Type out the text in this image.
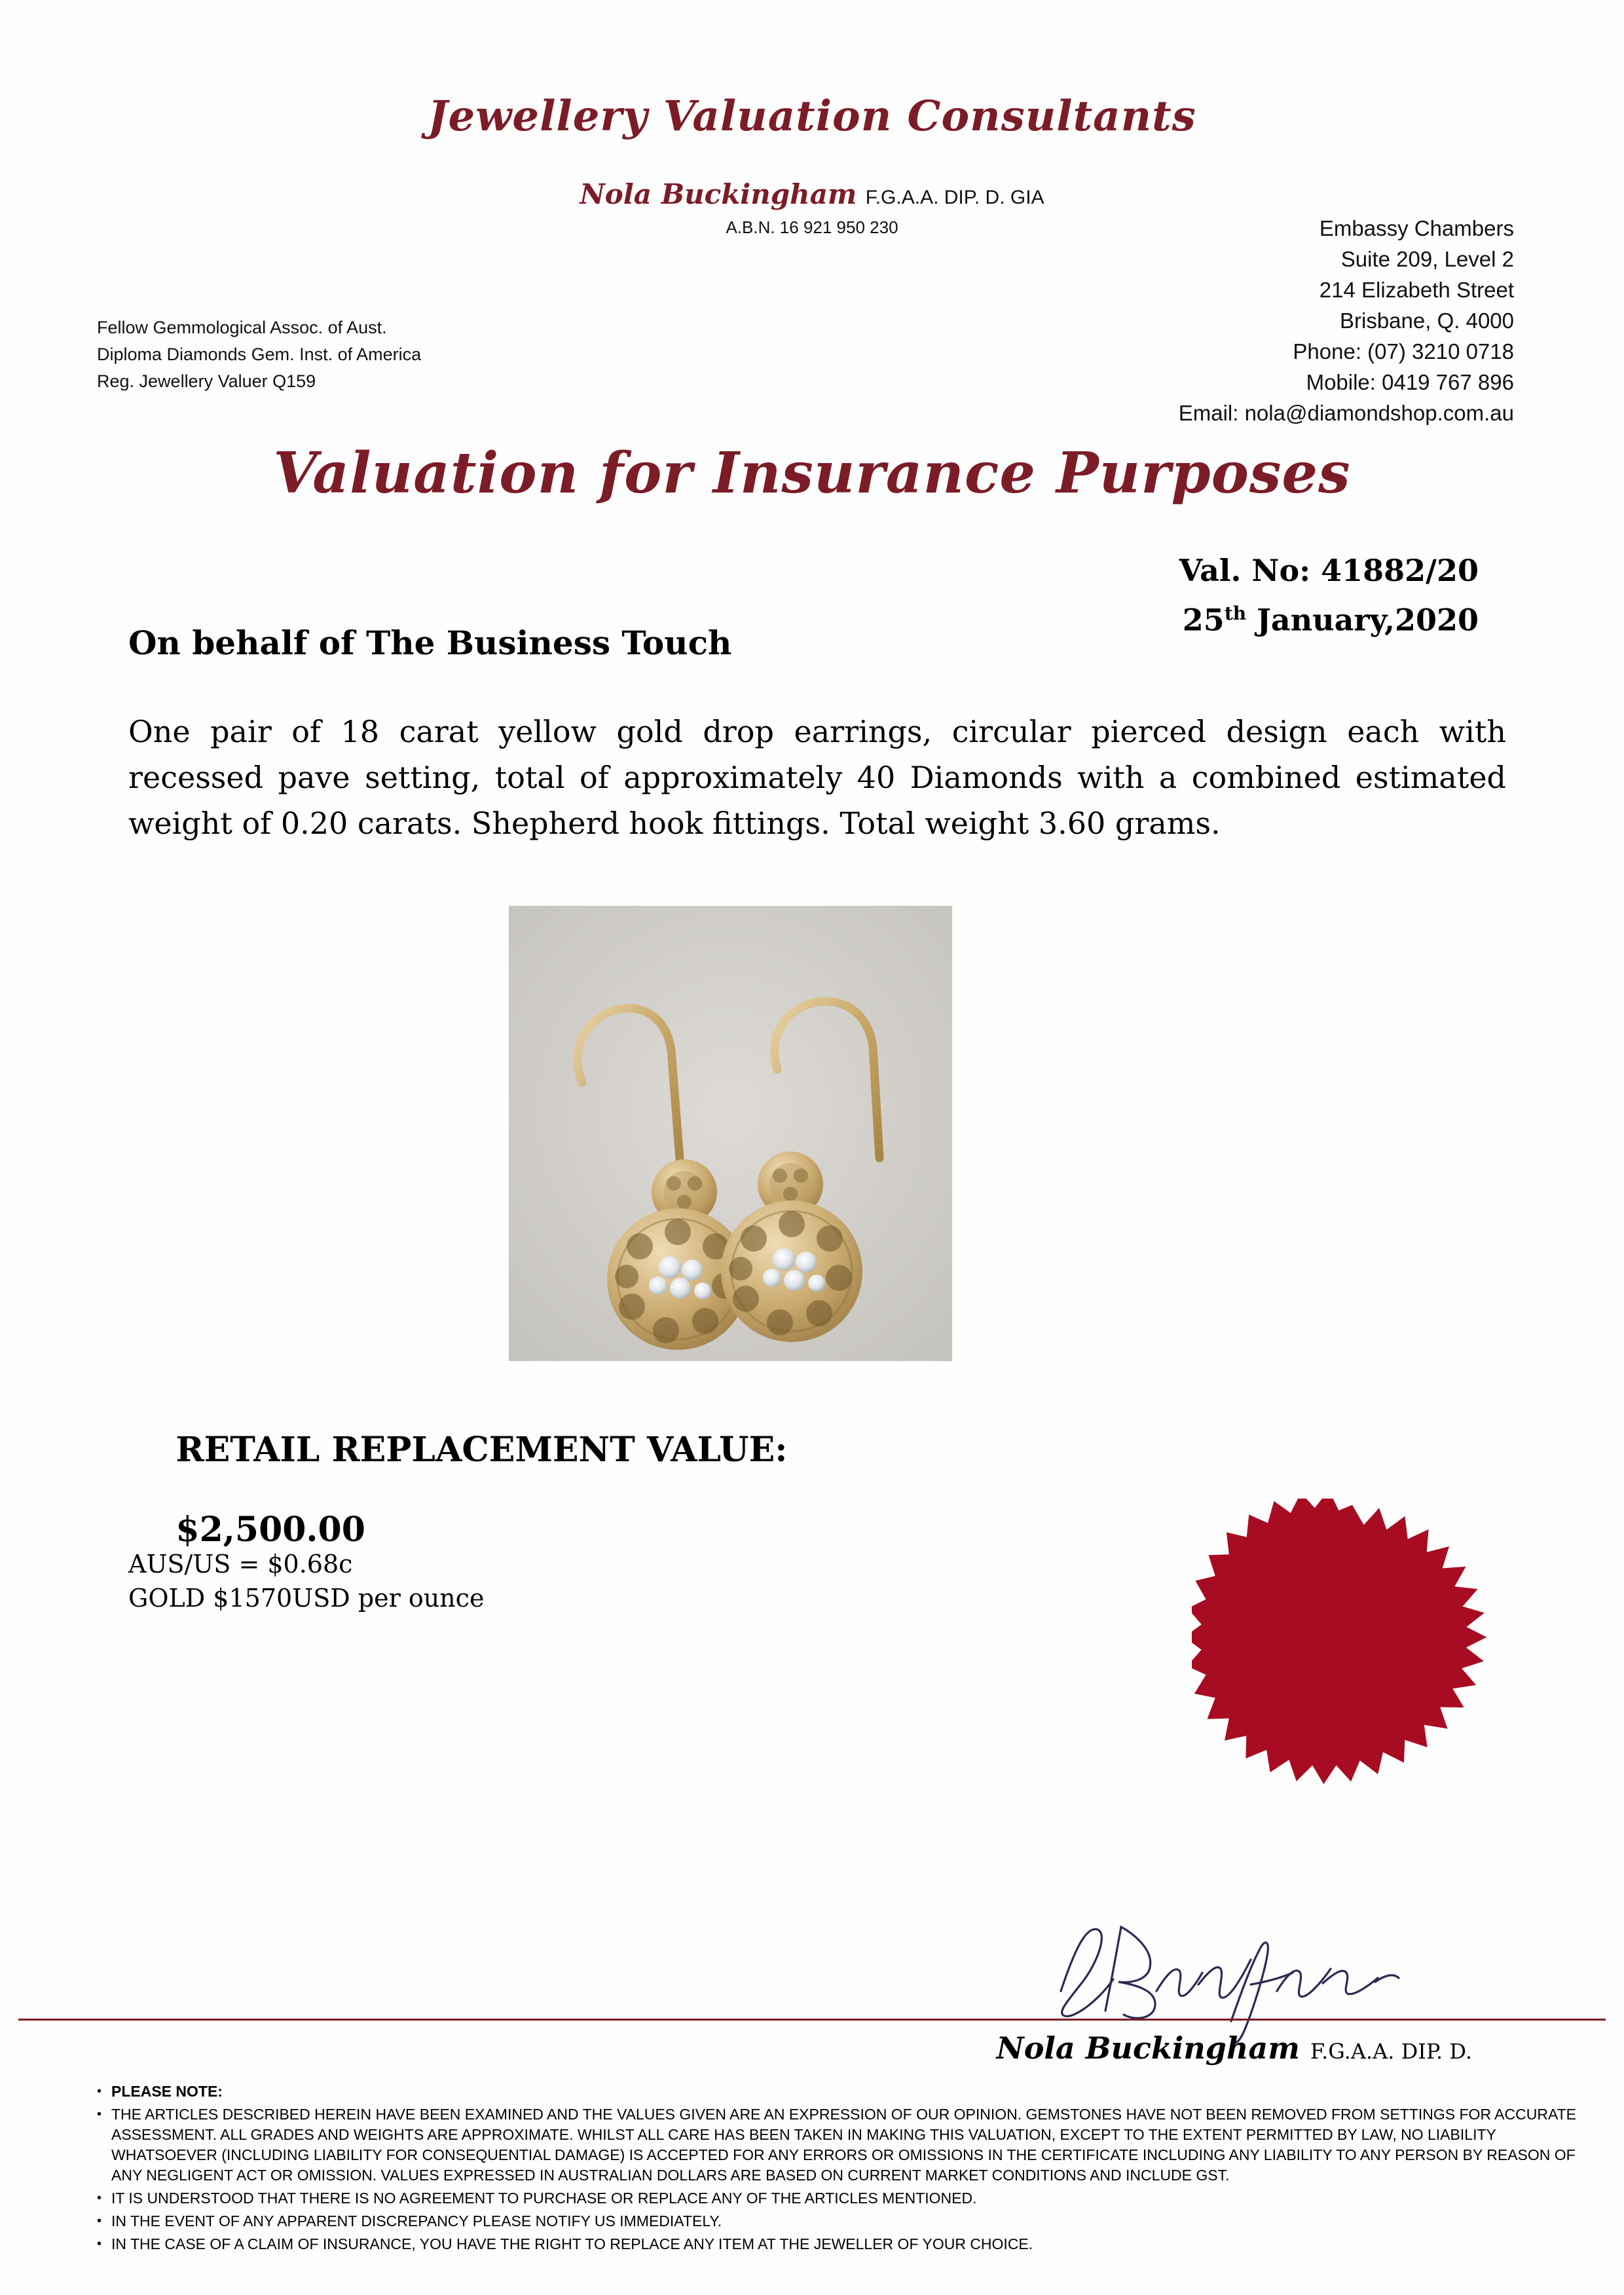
Jewellery Valuation Consultants
Nola Buckingham F.G.A.A. DIP. D. GIA
A.B.N. 16 921 950 230
Fellow Gemmological Assoc. of Aust.
Diploma Diamonds Gem. Inst. of America
Reg. Jewellery Valuer Q159
Embassy Chambers
Suite 209, Level 2
214 Elizabeth Street
Brisbane, Q. 4000
Phone: (07) 3210 0718
Mobile: 0419 767 896
Email: nola@diamondshop.com.au
Valuation for Insurance Purposes
Val. No: 41882/20
25th January,2020
On behalf of The Business Touch
One pair of 18 carat yellow gold drop earrings, circular pierced design each with recessed pave setting, total of approximately 40 Diamonds with a combined estimated weight of 0.20 carats. Shepherd hook fittings. Total weight 3.60 grams.

RETAIL REPLACEMENT VALUE:

$2,500.00

AUS/US = $0.68c
GOLD $1570USD per ounce
Nola Buckingham F.G.A.A. DIP. D.
• PLEASE NOTE:
• THE ARTICLES DESCRIBED HEREIN HAVE BEEN EXAMINED AND THE VALUES GIVEN ARE AN EXPRESSION OF OUR OPINION. GEMSTONES HAVE NOT BEEN REMOVED FROM SETTINGS FOR ACCURATE ASSESSMENT. ALL GRADES AND WEIGHTS ARE APPROXIMATE. WHILST ALL CARE HAS BEEN TAKEN IN MAKING THIS VALUATION, EXCEPT TO THE EXTENT PERMITTED BY LAW, NO LIABILITY WHATSOEVER (INCLUDING LIABILITY FOR CONSEQUENTIAL DAMAGE) IS ACCEPTED FOR ANY ERRORS OR OMISSIONS IN THE CERTIFICATE INCLUDING ANY LIABILITY TO ANY PERSON BY REASON OF ANY NEGLIGENT ACT OR OMISSION. VALUES EXPRESSED IN AUSTRALIAN DOLLARS ARE BASED ON CURRENT MARKET CONDITIONS AND INCLUDE GST.
• IT IS UNDERSTOOD THAT THERE IS NO AGREEMENT TO PURCHASE OR REPLACE ANY OF THE ARTICLES MENTIONED.
• IN THE EVENT OF ANY APPARENT DISCREPANCY PLEASE NOTIFY US IMMEDIATELY.
• IN THE CASE OF A CLAIM OF INSURANCE, YOU HAVE THE RIGHT TO REPLACE ANY ITEM AT THE JEWELLER OF YOUR CHOICE.
